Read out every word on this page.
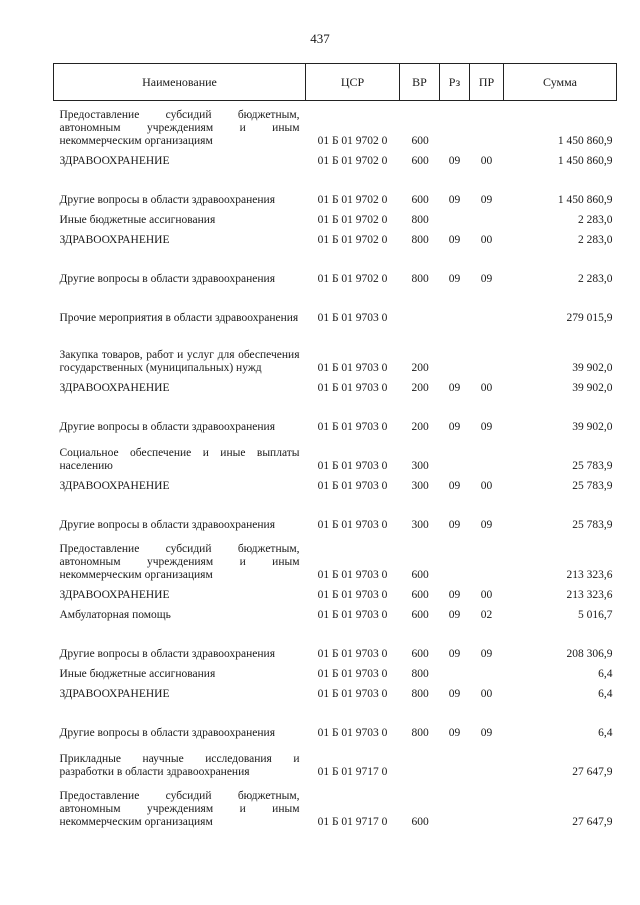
437
Наименование	ЦСР	ВР	Рз	ПР	Сумма
Предоставление субсидий бюджетным, автономным учреждениям и иным некоммерческим организациям	01 Б 01 9702 0	600			1 450 860,9
ЗДРАВООХРАНЕНИЕ	01 Б 01 9702 0	600	09	00	1 450 860,9
Другие вопросы в области здравоохранения	01 Б 01 9702 0	600	09	09	1 450 860,9
Иные бюджетные ассигнования	01 Б 01 9702 0	800			2 283,0
ЗДРАВООХРАНЕНИЕ	01 Б 01 9702 0	800	09	00	2 283,0
Другие вопросы в области здравоохранения	01 Б 01 9702 0	800	09	09	2 283,0
Прочие мероприятия в области здравоохранения	01 Б 01 9703 0				279 015,9
Закупка товаров, работ и услуг для обеспечения государственных (муниципальных) нужд	01 Б 01 9703 0	200			39 902,0
ЗДРАВООХРАНЕНИЕ	01 Б 01 9703 0	200	09	00	39 902,0
Другие вопросы в области здравоохранения	01 Б 01 9703 0	200	09	09	39 902,0
Социальное обеспечение и иные выплаты населению	01 Б 01 9703 0	300			25 783,9
ЗДРАВООХРАНЕНИЕ	01 Б 01 9703 0	300	09	00	25 783,9
Другие вопросы в области здравоохранения	01 Б 01 9703 0	300	09	09	25 783,9
Предоставление субсидий бюджетным, автономным учреждениям и иным некоммерческим организациям	01 Б 01 9703 0	600			213 323,6
ЗДРАВООХРАНЕНИЕ	01 Б 01 9703 0	600	09	00	213 323,6
Амбулаторная помощь	01 Б 01 9703 0	600	09	02	5 016,7
Другие вопросы в области здравоохранения	01 Б 01 9703 0	600	09	09	208 306,9
Иные бюджетные ассигнования	01 Б 01 9703 0	800			6,4
ЗДРАВООХРАНЕНИЕ	01 Б 01 9703 0	800	09	00	6,4
Другие вопросы в области здравоохранения	01 Б 01 9703 0	800	09	09	6,4
Прикладные научные исследования и разработки в области здравоохранения	01 Б 01 9717 0				27 647,9
Предоставление субсидий бюджетным, автономным учреждениям и иным некоммерческим организациям	01 Б 01 9717 0	600			27 647,9
